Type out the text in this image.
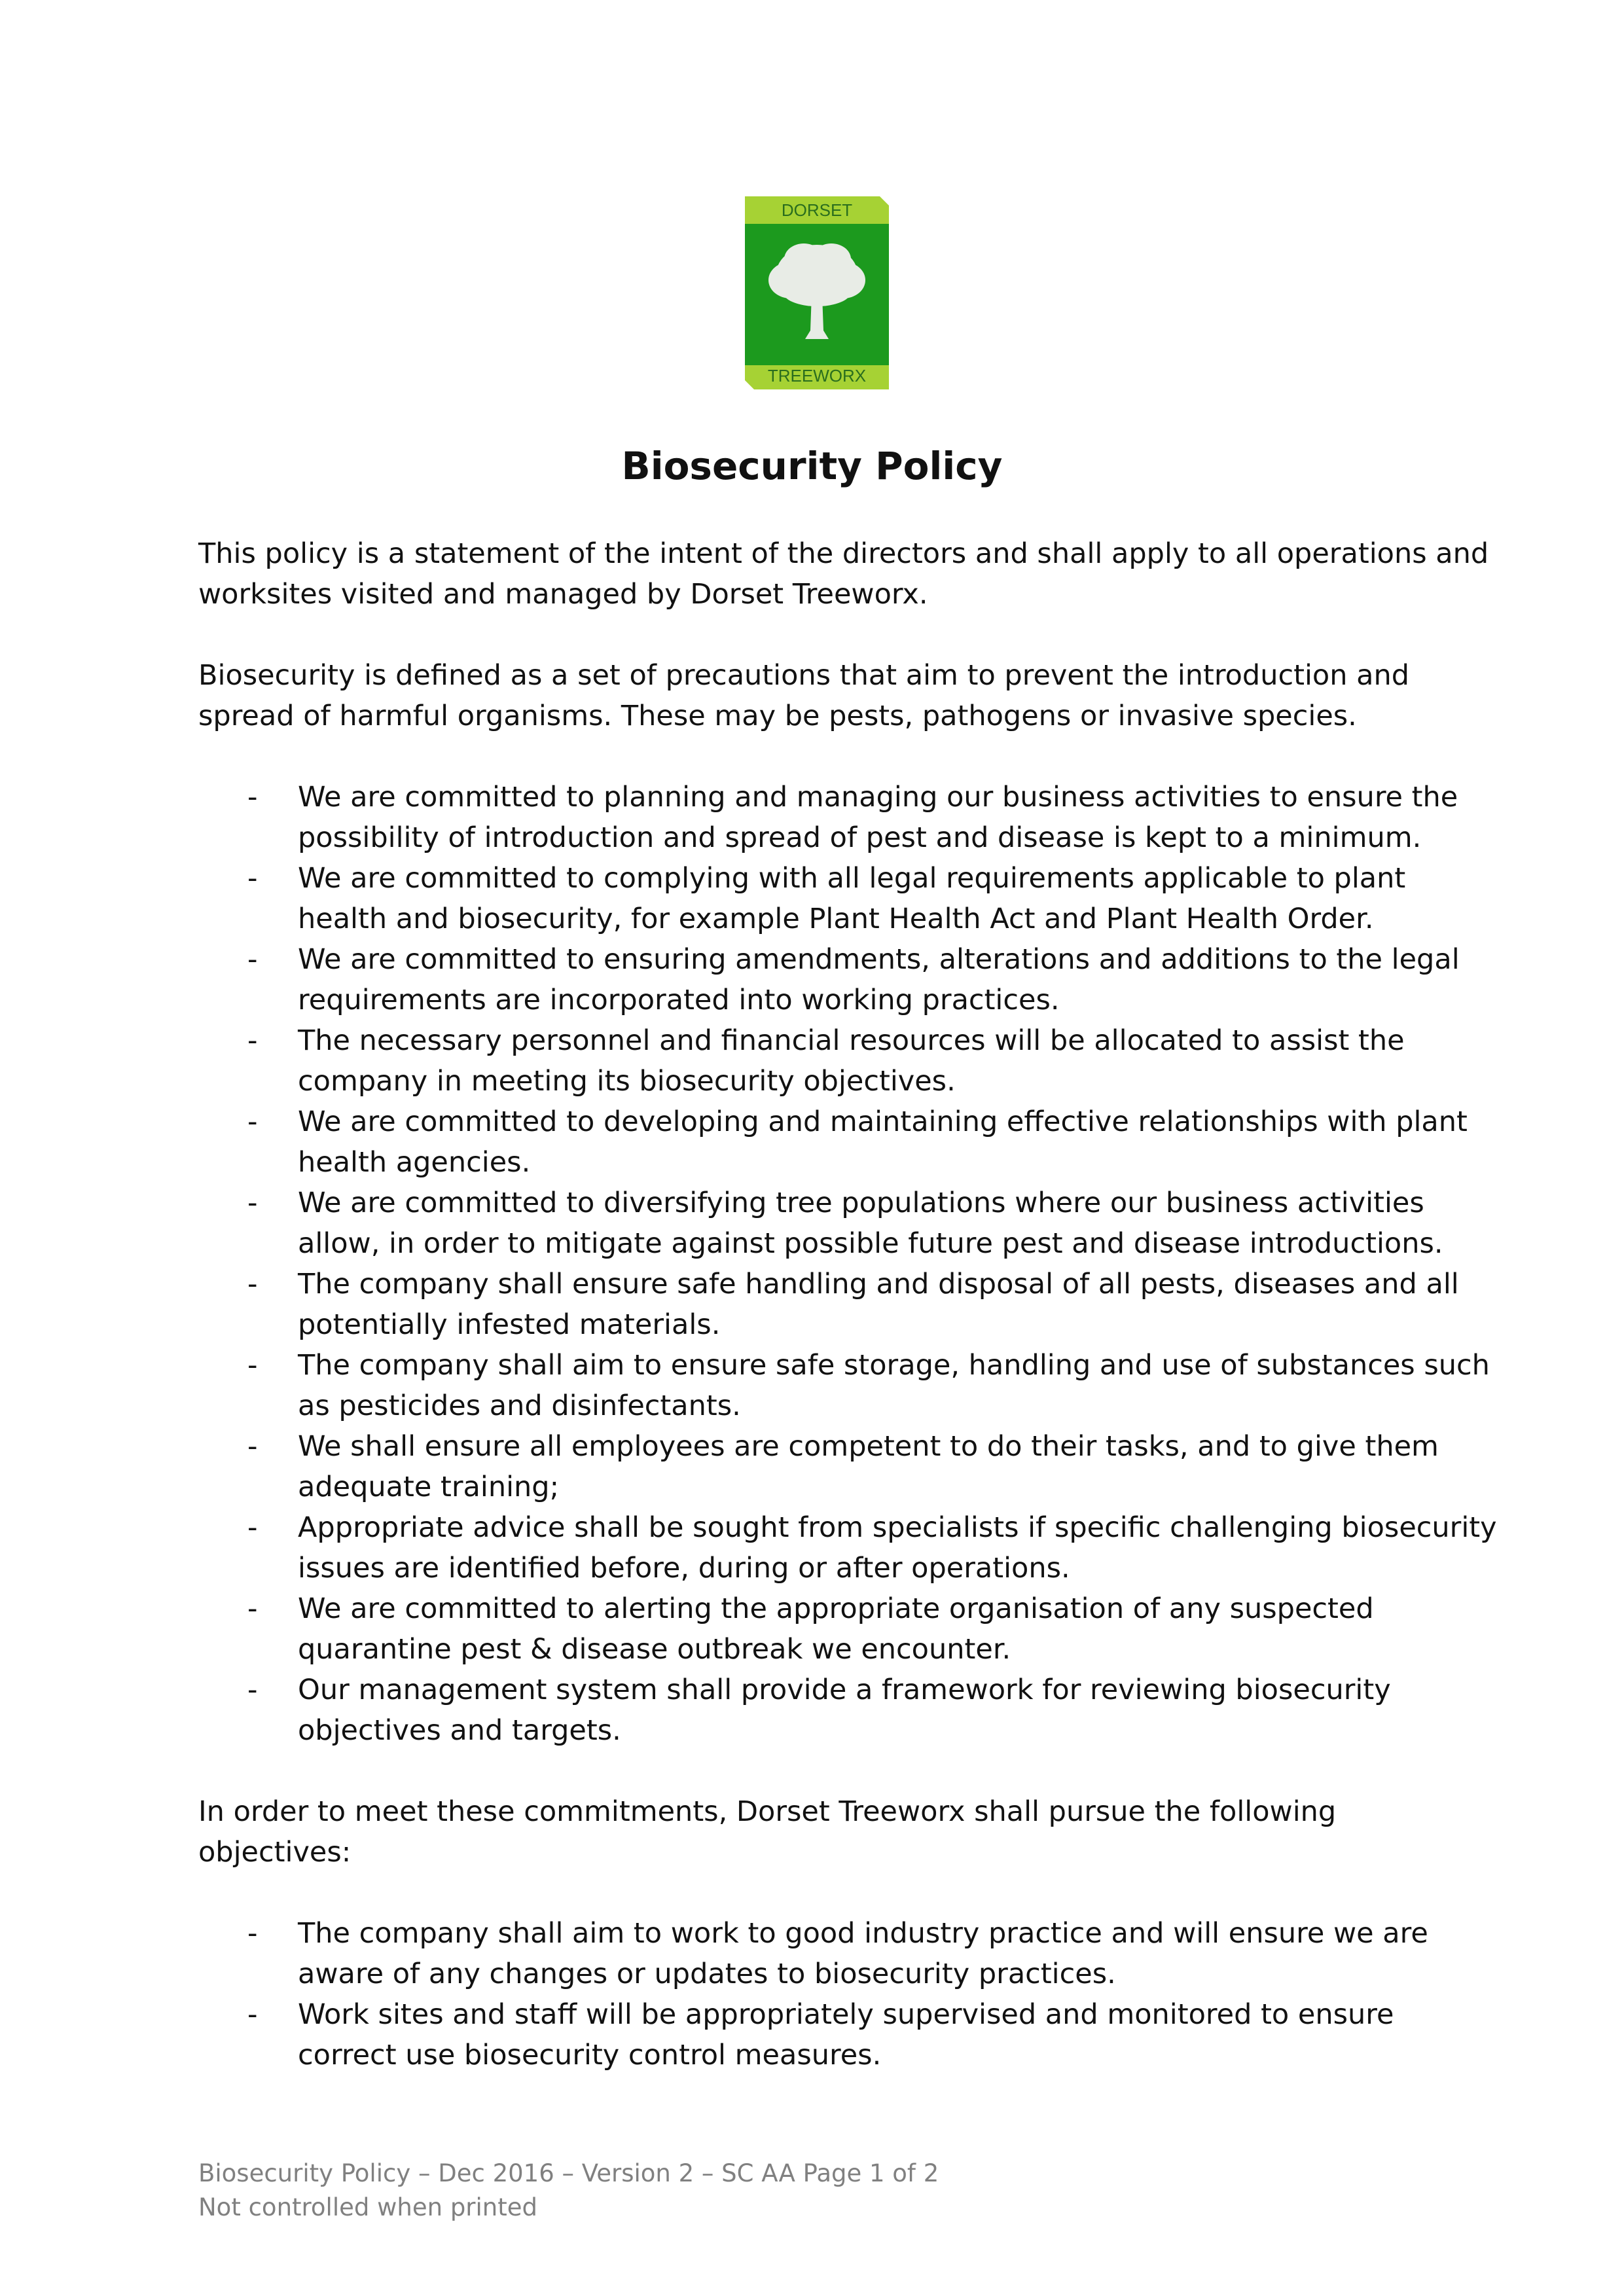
DORSET
TREEWORX
Biosecurity Policy

This policy is a statement of the intent of the directors and shall apply to all operations and

worksites visited and managed by Dorset Treeworx.

Biosecurity is defined as a set of precautions that aim to prevent the introduction and

spread of harmful organisms. These may be pests, pathogens or invasive species.

- We are committed to planning and managing our business activities to ensure the
possibility of introduction and spread of pest and disease is kept to a minimum.
- We are committed to complying with all legal requirements applicable to plant
health and biosecurity, for example Plant Health Act and Plant Health Order.
- We are committed to ensuring amendments, alterations and additions to the legal
requirements are incorporated into working practices.
- The necessary personnel and financial resources will be allocated to assist the
company in meeting its biosecurity objectives.
- We are committed to developing and maintaining effective relationships with plant
health agencies.
- We are committed to diversifying tree populations where our business activities
allow, in order to mitigate against possible future pest and disease introductions.
- The company shall ensure safe handling and disposal of all pests, diseases and all
potentially infested materials.
- The company shall aim to ensure safe storage, handling and use of substances such
as pesticides and disinfectants.
- We shall ensure all employees are competent to do their tasks, and to give them
adequate training;
- Appropriate advice shall be sought from specialists if specific challenging biosecurity
issues are identified before, during or after operations.
- We are committed to alerting the appropriate organisation of any suspected
quarantine pest & disease outbreak we encounter.
- Our management system shall provide a framework for reviewing biosecurity
objectives and targets.

In order to meet these commitments, Dorset Treeworx shall pursue the following

objectives:

- The company shall aim to work to good industry practice and will ensure we are
aware of any changes or updates to biosecurity practices.
- Work sites and staff will be appropriately supervised and monitored to ensure
correct use biosecurity control measures.
Biosecurity Policy – Dec 2016 – Version 2 – SC AA Page 1 of 2
Not controlled when printed
